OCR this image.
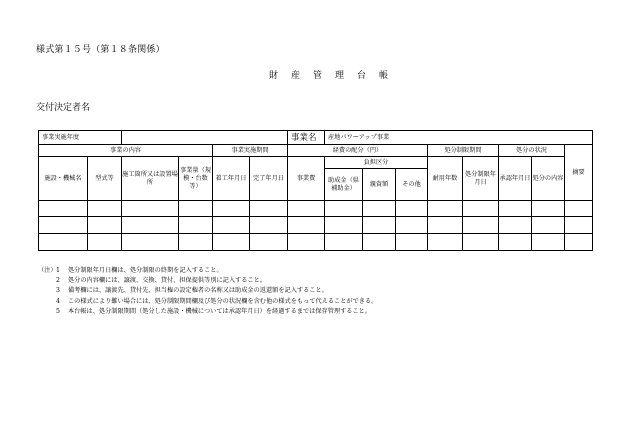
様式第１５号（第１８条関係）
財産管理台帳
交付決定者名
事業実施年度						事業名	産地パワーアップ事業							
事業の内容				事業実施期間		経費の配分（円）				処分制限期間		処分の状況		摘要
施設・機械名	型式等	施工箇所又は設置場所	事業量（規模・台数等）	着工年月日	完了年月日	事業費	負担区分			耐用年数	処分制限年月日	承認年月日	処分の内容	
							助成金（県補助金）	親資額	その他					

（注） 1	処分制限年月日欄は、処分制限の終期を記入すること。
2	処分の内容欄には、譲渡、交換、貸付、担保提供等別に記入すること。
3	備考欄には、譲渡先、貸付先、担当権の設定権者の名称又は助成金の返還額を記入すること。
4	この様式により難い場合には、処分制限期間欄及び処分の状況欄を含む他の様式をもって代えることができる。
5	本台帳は、処分制限期間（処分した施設・機械については承認年月日）を経過するまでは保存管理すること。
